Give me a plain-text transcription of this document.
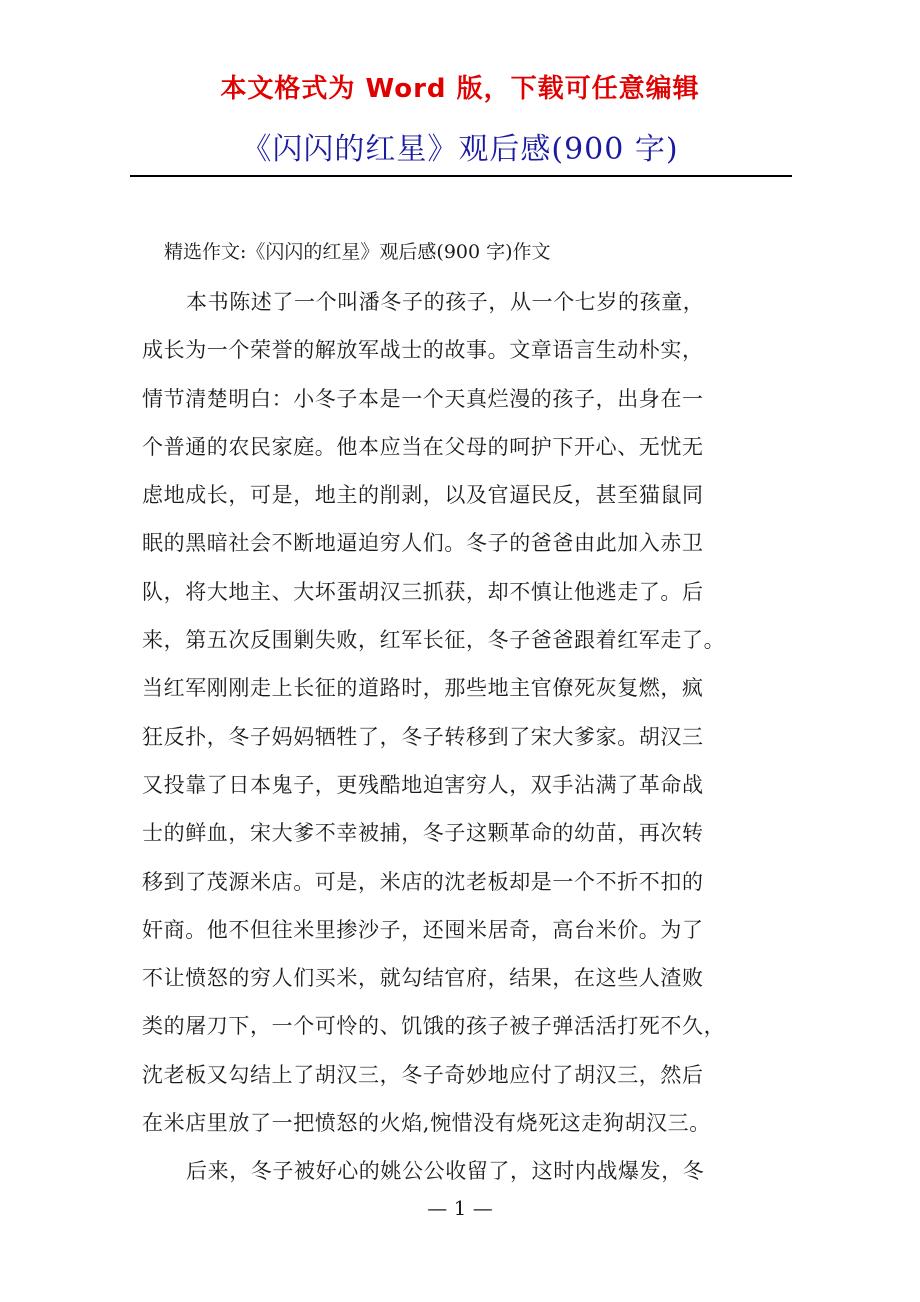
本文格式为 Word 版，下载可任意编辑
《闪闪的红星》观后感(900 字)
精选作文:《闪闪的红星》观后感(900 字)作文
本书陈述了一个叫潘冬子的孩子，从一个七岁的孩童，
成长为一个荣誉的解放军战士的故事。文章语言生动朴实，
情节清楚明白：小冬子本是一个天真烂漫的孩子，出身在一
个普通的农民家庭。他本应当在父母的呵护下开心、无忧无
虑地成长，可是，地主的削剥，以及官逼民反，甚至猫鼠同
眠的黑暗社会不断地逼迫穷人们。冬子的爸爸由此加入赤卫
队，将大地主、大坏蛋胡汉三抓获，却不慎让他逃走了。后
来，第五次反围剿失败，红军长征，冬子爸爸跟着红军走了。
当红军刚刚走上长征的道路时，那些地主官僚死灰复燃，疯
狂反扑，冬子妈妈牺牲了，冬子转移到了宋大爹家。胡汉三
又投靠了日本鬼子，更残酷地迫害穷人，双手沾满了革命战
士的鲜血，宋大爹不幸被捕，冬子这颗革命的幼苗，再次转
移到了茂源米店。可是，米店的沈老板却是一个不折不扣的
奸商。他不但往米里掺沙子，还囤米居奇，高台米价。为了
不让愤怒的穷人们买米，就勾结官府，结果，在这些人渣败
类的屠刀下，一个可怜的、饥饿的孩子被子弹活活打死不久，
沈老板又勾结上了胡汉三，冬子奇妙地应付了胡汉三，然后
在米店里放了一把愤怒的火焰,惋惜没有烧死这走狗胡汉三。
后来，冬子被好心的姚公公收留了，这时内战爆发，冬
— 1 —
